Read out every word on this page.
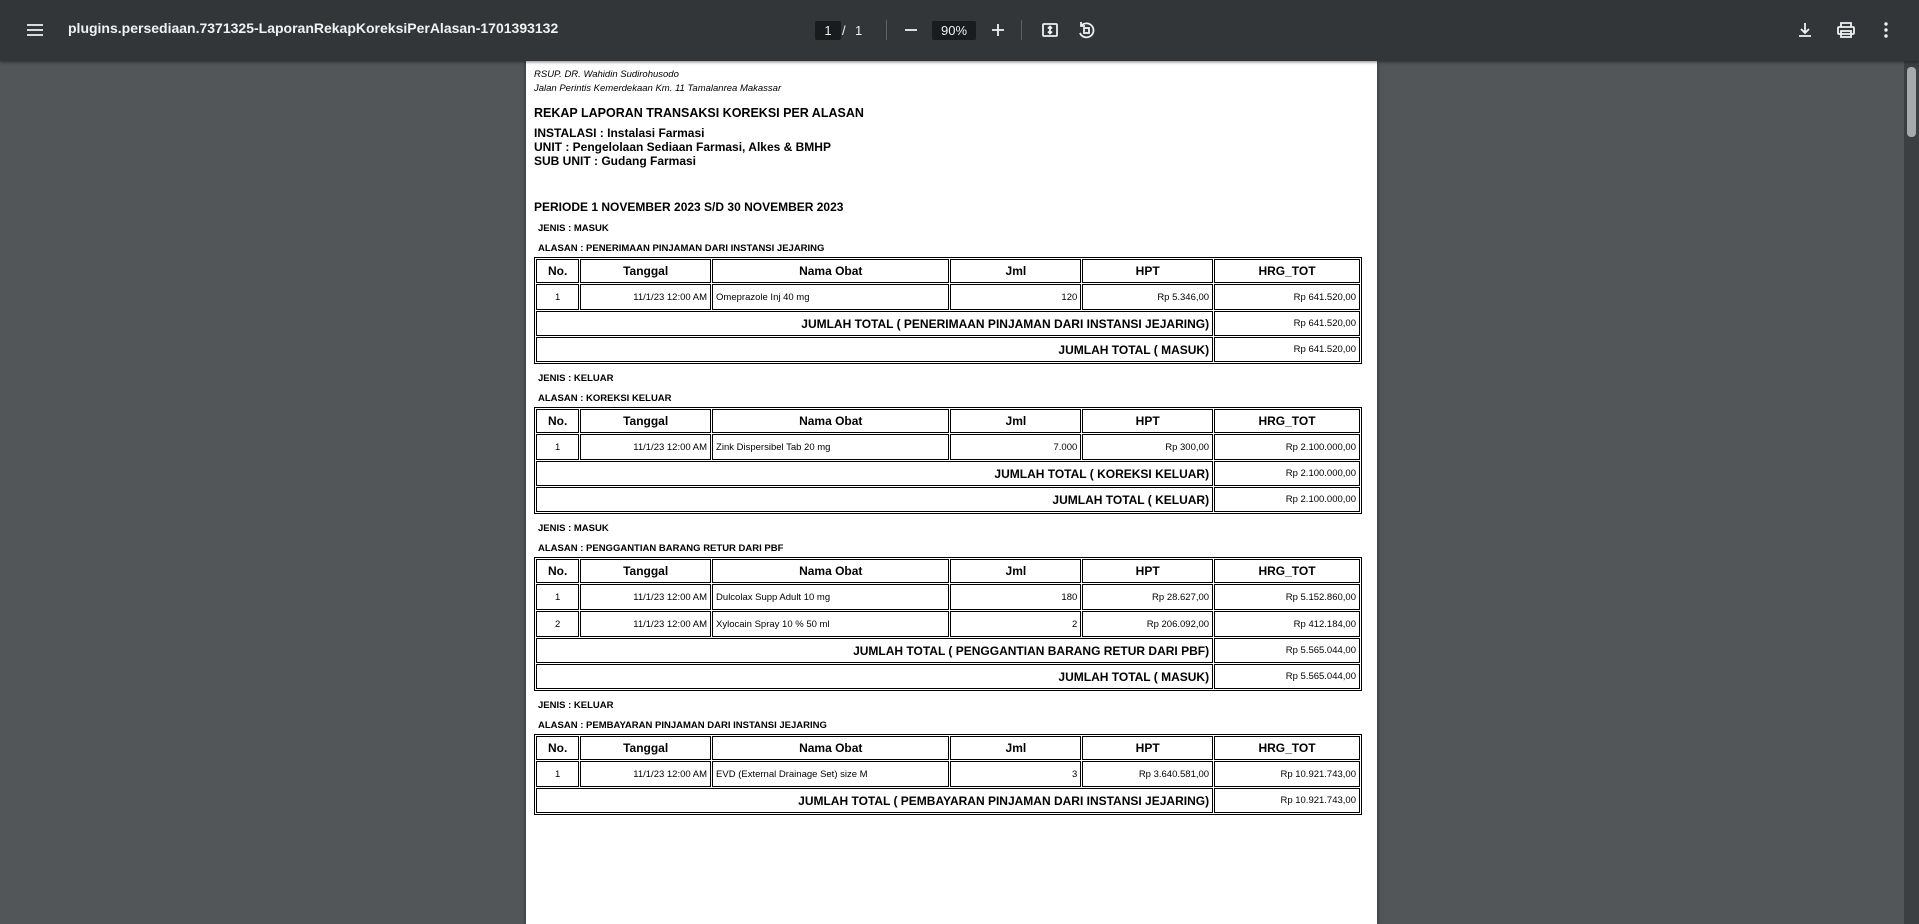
plugins.persediaan.7371325-LaporanRekapKoreksiPerAlasan-1701393132	1 / 1	90%
RSUP. DR. Wahidin Sudirohusodo
Jalan Perintis Kemerdekaan Km. 11 Tamalanrea Makassar
REKAP LAPORAN TRANSAKSI KOREKSI PER ALASAN
INSTALASI : Instalasi Farmasi
UNIT : Pengelolaan Sediaan Farmasi, Alkes & BMHP
SUB UNIT : Gudang Farmasi
PERIODE 1 NOVEMBER 2023 S/D 30 NOVEMBER 2023
JENIS : MASUK
ALASAN : PENERIMAAN PINJAMAN DARI INSTANSI JEJARING
No.	Tanggal	Nama Obat	Jml	HPT	HRG_TOT
1	11/1/23 12:00 AM	Omeprazole Inj 40 mg	120	Rp 5.346,00	Rp 641.520,00
JUMLAH TOTAL ( PENERIMAAN PINJAMAN DARI INSTANSI JEJARING)					Rp 641.520,00
JUMLAH TOTAL ( MASUK)					Rp 641.520,00
JENIS : KELUAR
ALASAN : KOREKSI KELUAR
No.	Tanggal	Nama Obat	Jml	HPT	HRG_TOT
1	11/1/23 12:00 AM	Zink Dispersibel Tab 20 mg	7.000	Rp 300,00	Rp 2.100.000,00
JUMLAH TOTAL ( KOREKSI KELUAR)					Rp 2.100.000,00
JUMLAH TOTAL ( KELUAR)					Rp 2.100.000,00
JENIS : MASUK
ALASAN : PENGGANTIAN BARANG RETUR DARI PBF
No.	Tanggal	Nama Obat	Jml	HPT	HRG_TOT
1	11/1/23 12:00 AM	Dulcolax Supp Adult 10 mg	180	Rp 28.627,00	Rp 5.152.860,00
2	11/1/23 12:00 AM	Xylocain Spray 10 % 50 ml	2	Rp 206.092,00	Rp 412.184,00
JUMLAH TOTAL ( PENGGANTIAN BARANG RETUR DARI PBF)					Rp 5.565.044,00
JUMLAH TOTAL ( MASUK)					Rp 5.565.044,00
JENIS : KELUAR
ALASAN : PEMBAYARAN PINJAMAN DARI INSTANSI JEJARING
No.	Tanggal	Nama Obat	Jml	HPT	HRG_TOT
1	11/1/23 12:00 AM	EVD (External Drainage Set) size M	3	Rp 3.640.581,00	Rp 10.921.743,00
JUMLAH TOTAL ( PEMBAYARAN PINJAMAN DARI INSTANSI JEJARING)					Rp 10.921.743,00
